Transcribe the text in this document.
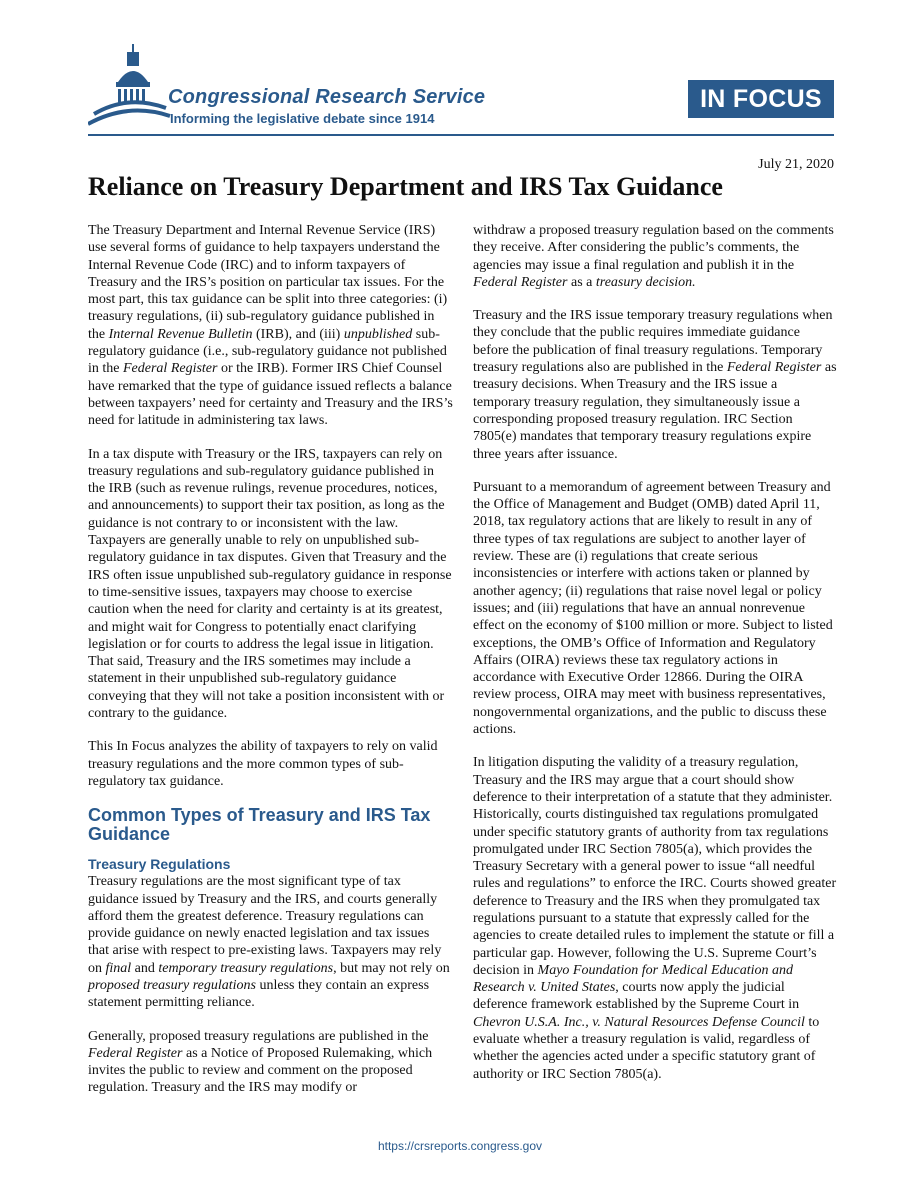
Congressional Research Service
Informing the legislative debate since 1914
IN FOCUS
July 21, 2020
Reliance on Treasury Department and IRS Tax Guidance

The Treasury Department and Internal Revenue Service (IRS) use several forms of guidance to help taxpayers understand the Internal Revenue Code (IRC) and to inform taxpayers of Treasury and the IRS’s position on particular tax issues. For the most part, this tax guidance can be split into three categories: (i) treasury regulations, (ii) sub-regulatory guidance published in the Internal Revenue Bulletin (IRB), and (iii) unpublished sub-regulatory guidance (i.e., sub-regulatory guidance not published in the Federal Register or the IRB). Former IRS Chief Counsel have remarked that the type of guidance issued reflects a balance between taxpayers’ need for certainty and Treasury and the IRS’s need for latitude in administering tax laws.

In a tax dispute with Treasury or the IRS, taxpayers can rely on treasury regulations and sub-regulatory guidance published in the IRB (such as revenue rulings, revenue procedures, notices, and announcements) to support their tax position, as long as the guidance is not contrary to or inconsistent with the law. Taxpayers are generally unable to rely on unpublished sub-regulatory guidance in tax disputes. Given that Treasury and the IRS often issue unpublished sub-regulatory guidance in response to time-sensitive issues, taxpayers may choose to exercise caution when the need for clarity and certainty is at its greatest, and might wait for Congress to potentially enact clarifying legislation or for courts to address the legal issue in litigation. That said, Treasury and the IRS sometimes may include a statement in their unpublished sub-regulatory guidance conveying that they will not take a position inconsistent with or contrary to the guidance.

This In Focus analyzes the ability of taxpayers to rely on valid treasury regulations and the more common types of sub-regulatory tax guidance.

Common Types of Treasury and IRS Tax Guidance
Treasury Regulations

Treasury regulations are the most significant type of tax guidance issued by Treasury and the IRS, and courts generally afford them the greatest deference. Treasury regulations can provide guidance on newly enacted legislation and tax issues that arise with respect to pre-existing laws. Taxpayers may rely on final and temporary treasury regulations, but may not rely on proposed treasury regulations unless they contain an express statement permitting reliance.

Generally, proposed treasury regulations are published in the Federal Register as a Notice of Proposed Rulemaking, which invites the public to review and comment on the proposed regulation. Treasury and the IRS may modify or

withdraw a proposed treasury regulation based on the comments they receive. After considering the public’s comments, the agencies may issue a final regulation and publish it in the Federal Register as a treasury decision.

Treasury and the IRS issue temporary treasury regulations when they conclude that the public requires immediate guidance before the publication of final treasury regulations. Temporary treasury regulations also are published in the Federal Register as treasury decisions. When Treasury and the IRS issue a temporary treasury regulation, they simultaneously issue a corresponding proposed treasury regulation. IRC Section 7805(e) mandates that temporary treasury regulations expire three years after issuance.

Pursuant to a memorandum of agreement between Treasury and the Office of Management and Budget (OMB) dated April 11, 2018, tax regulatory actions that are likely to result in any of three types of tax regulations are subject to another layer of review. These are (i) regulations that create serious inconsistencies or interfere with actions taken or planned by another agency; (ii) regulations that raise novel legal or policy issues; and (iii) regulations that have an annual nonrevenue effect on the economy of $100 million or more. Subject to listed exceptions, the OMB’s Office of Information and Regulatory Affairs (OIRA) reviews these tax regulatory actions in accordance with Executive Order 12866. During the OIRA review process, OIRA may meet with business representatives, nongovernmental organizations, and the public to discuss these actions.

In litigation disputing the validity of a treasury regulation, Treasury and the IRS may argue that a court should show deference to their interpretation of a statute that they administer. Historically, courts distinguished tax regulations promulgated under specific statutory grants of authority from tax regulations promulgated under IRC Section 7805(a), which provides the Treasury Secretary with a general power to issue “all needful rules and regulations” to enforce the IRC. Courts showed greater deference to Treasury and the IRS when they promulgated tax regulations pursuant to a statute that expressly called for the agencies to create detailed rules to implement the statute or fill a particular gap. However, following the U.S. Supreme Court’s decision in Mayo Foundation for Medical Education and Research v. United States, courts now apply the judicial deference framework established by the Supreme Court in Chevron U.S.A. Inc., v. Natural Resources Defense Council to evaluate whether a treasury regulation is valid, regardless of whether the agencies acted under a specific statutory grant of authority or IRC Section 7805(a).

https://crsreports.congress.gov
